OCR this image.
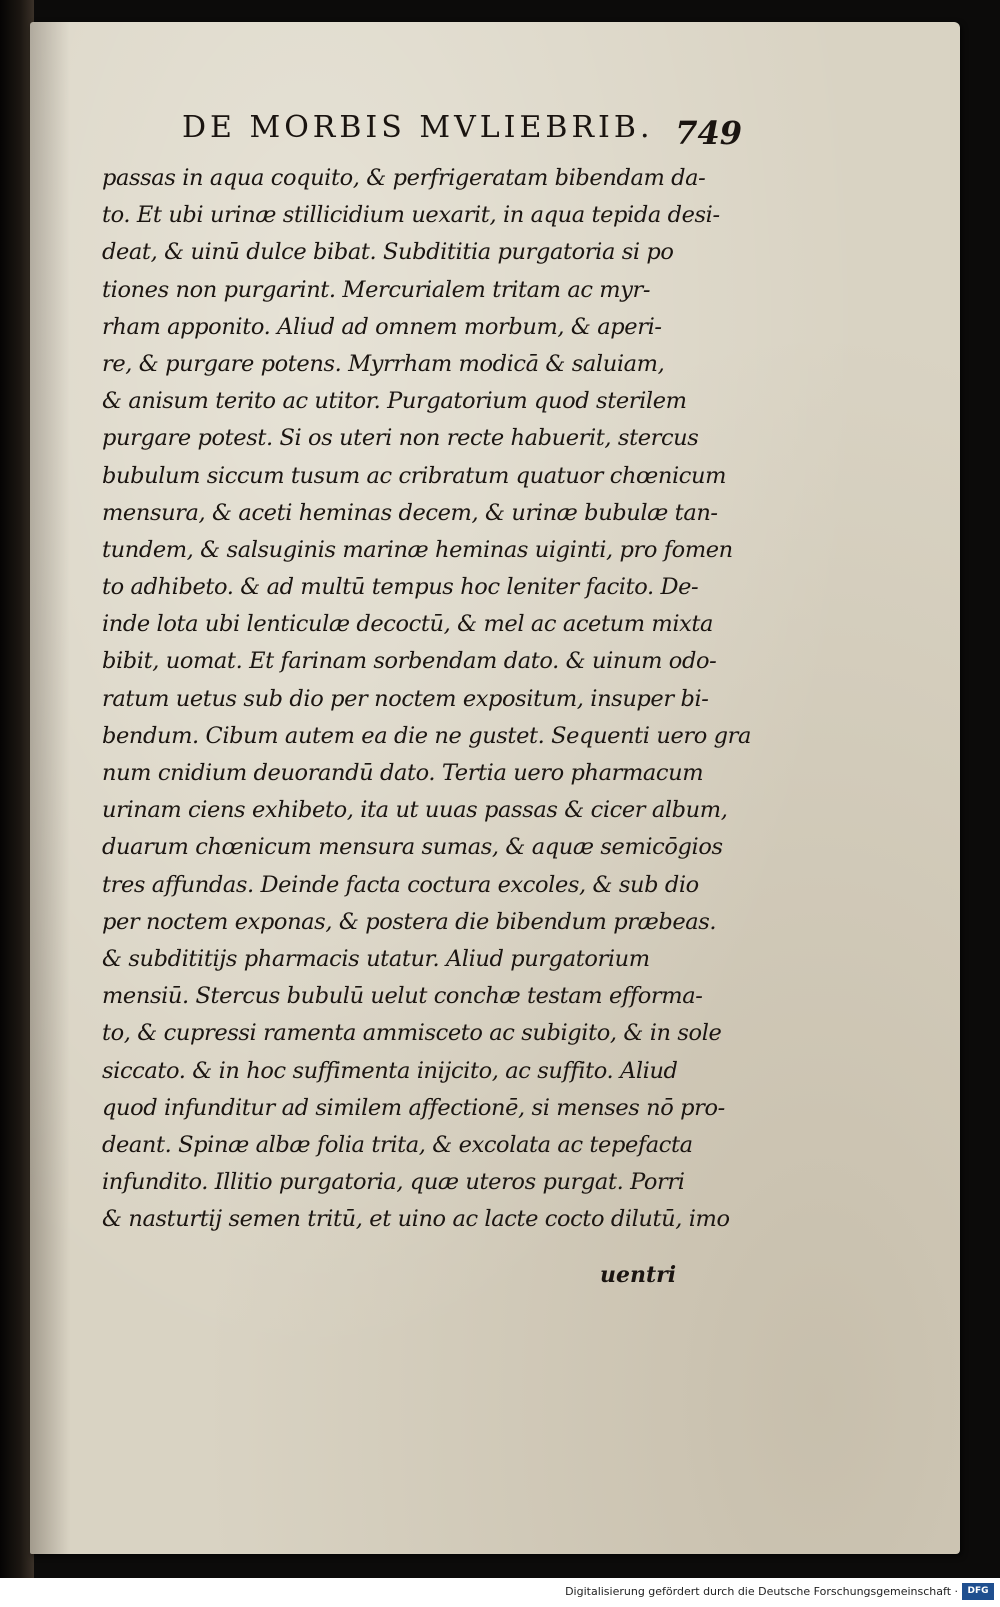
DE MORBIS MVLIEBRIB. 749
passas in aqua coquito, & perfrigeratam bibendam da-
to. Et ubi urinæ stillicidium uexarit, in aqua tepida desi-
deat, & uinū dulce bibat. Subdititia purgatoria si po
tiones non purgarint. Mercurialem tritam ac myr-
rham apponito. Aliud ad omnem morbum, & aperi-
re, & purgare potens. Myrrham modicā & saluiam,
& anisum terito ac utitor. Purgatorium quod sterilem
purgare potest. Si os uteri non recte habuerit, stercus
bubulum siccum tusum ac cribratum quatuor chœnicum
mensura, & aceti heminas decem, & urinæ bubulæ tan-
tundem, & salsuginis marinæ heminas uiginti, pro fomen
to adhibeto. & ad multū tempus hoc leniter facito. De-
inde lota ubi lenticulæ decoctū, & mel ac acetum mixta
bibit, uomat. Et farinam sorbendam dato. & uinum odo-
ratum uetus sub dio per noctem expositum, insuper bi-
bendum. Cibum autem ea die ne gustet. Sequenti uero gra
num cnidium deuorandū dato. Tertia uero pharmacum
urinam ciens exhibeto, ita ut uuas passas & cicer album,
duarum chœnicum mensura sumas, & aquæ semicōgios
tres affundas. Deinde facta coctura excoles, & sub dio
per noctem exponas, & postera die bibendum præbeas.
& subdititijs pharmacis utatur. Aliud purgatorium
mensiū. Stercus bubulū uelut conchæ testam efforma-
to, & cupressi ramenta ammisceto ac subigito, & in sole
siccato. & in hoc suffimenta inijcito, ac suffito. Aliud
quod infunditur ad similem affectionē, si menses nō pro-
deant. Spinæ albæ folia trita, & excolata ac tepefacta
infundito. Illitio purgatoria, quæ uteros purgat. Porri
& nasturtij semen tritū, et uino ac lacte cocto dilutū, imo
uentri
Digitalisierung gefördert durch die Deutsche Forschungsgemeinschaft ·	DFG
